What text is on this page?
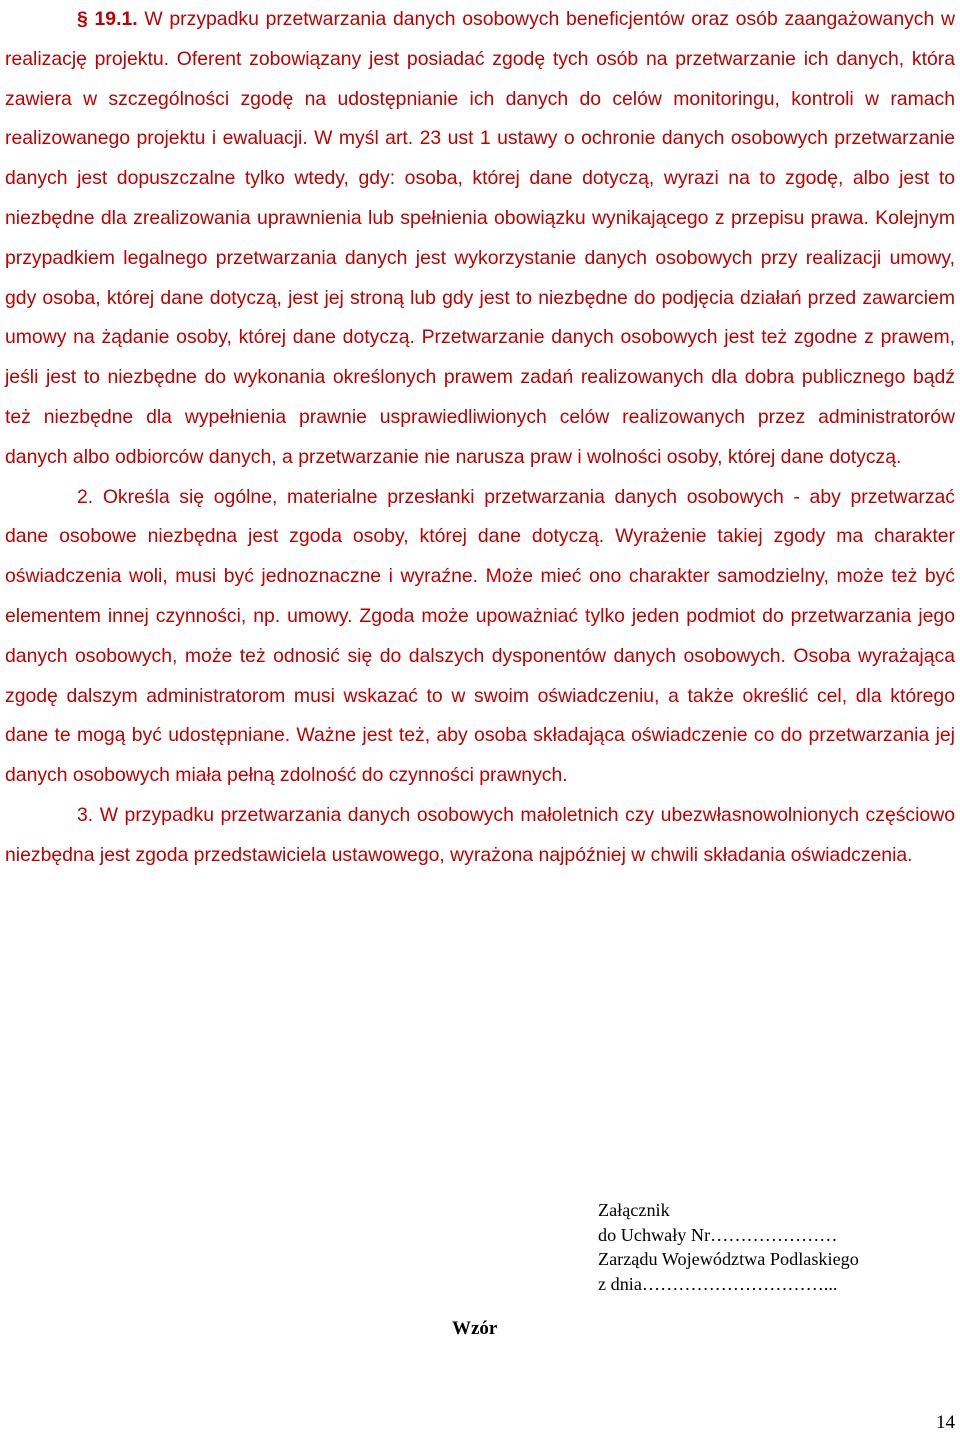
§ 19.1. W przypadku przetwarzania danych osobowych beneficjentów oraz osób zaangażowanych w realizację projektu. Oferent zobowiązany jest posiadać zgodę tych osób na przetwarzanie ich danych, która zawiera w szczególności zgodę na udostępnianie ich danych do celów monitoringu, kontroli w ramach realizowanego projektu i ewaluacji. W myśl art. 23 ust 1 ustawy o ochronie danych osobowych przetwarzanie danych jest dopuszczalne tylko wtedy, gdy: osoba, której dane dotyczą, wyrazi na to zgodę, albo jest to niezbędne dla zrealizowania uprawnienia lub spełnienia obowiązku wynikającego z przepisu prawa. Kolejnym przypadkiem legalnego przetwarzania danych jest wykorzystanie danych osobowych przy realizacji umowy, gdy osoba, której dane dotyczą, jest jej stroną lub gdy jest to niezbędne do podjęcia działań przed zawarciem umowy na żądanie osoby, której dane dotyczą. Przetwarzanie danych osobowych jest też zgodne z prawem, jeśli jest to niezbędne do wykonania określonych prawem zadań realizowanych dla dobra publicznego bądź też niezbędne dla wypełnienia prawnie usprawiedliwionych celów realizowanych przez administratorów danych albo odbiorców danych, a przetwarzanie nie narusza praw i wolności osoby, której dane dotyczą.

2. Określa się ogólne, materialne przesłanki przetwarzania danych osobowych - aby przetwarzać dane osobowe niezbędna jest zgoda osoby, której dane dotyczą. Wyrażenie takiej zgody ma charakter oświadczenia woli, musi być jednoznaczne i wyraźne. Może mieć ono charakter samodzielny, może też być elementem innej czynności, np. umowy. Zgoda może upoważniać tylko jeden podmiot do przetwarzania jego danych osobowych, może też odnosić się do dalszych dysponentów danych osobowych. Osoba wyrażająca zgodę dalszym administratorom musi wskazać to w swoim oświadczeniu, a także określić cel, dla którego dane te mogą być udostępniane. Ważne jest też, aby osoba składająca oświadczenie co do przetwarzania jej danych osobowych miała pełną zdolność do czynności prawnych.

3. W przypadku przetwarzania danych osobowych małoletnich czy ubezwłasnowolnionych częściowo niezbędna jest zgoda przedstawiciela ustawowego, wyrażona najpóźniej w chwili składania oświadczenia.

Załącznik
do Uchwały Nr…………………
Zarządu Województwa Podlaskiego
z dnia…………………………...
Wzór
14
